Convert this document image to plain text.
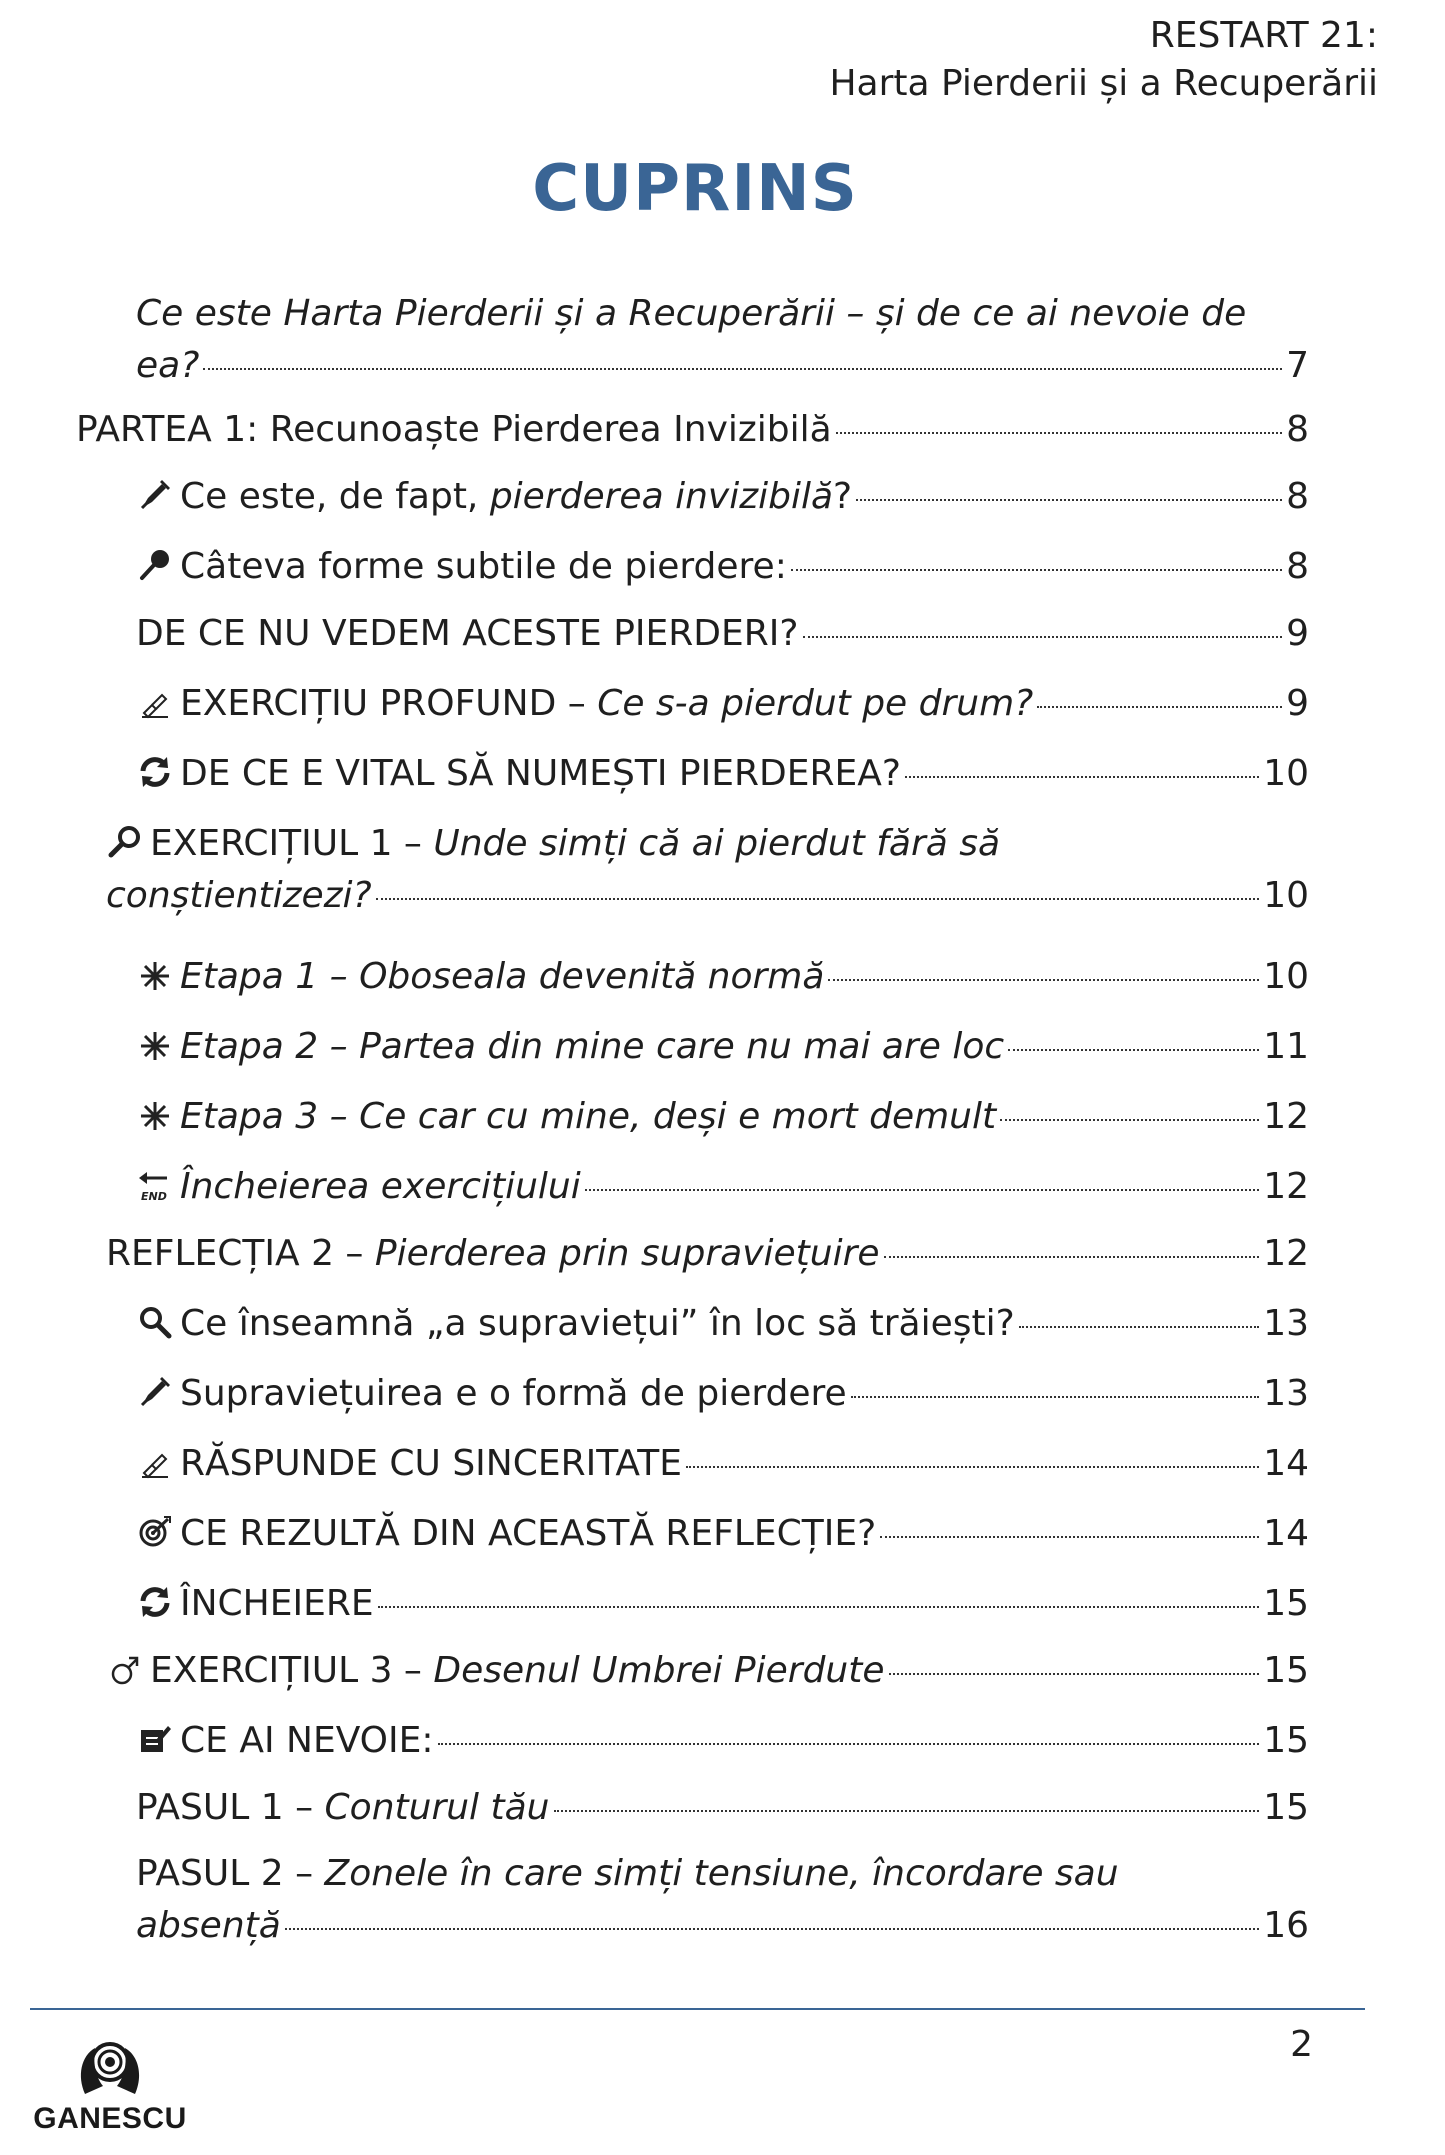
RESTART 21:
Harta Pierderii și a Recuperării
CUPRINS
Ce este Harta Pierderii și a Recuperării – și de ce ai nevoie de
ea?	7
PARTEA 1: Recunoaște Pierderea Invizibilă	8
Ce este, de fapt, pierderea invizibilă?	8
Câteva forme subtile de pierdere:	8
DE CE NU VEDEM ACESTE PIERDERI?	9
EXERCIȚIU PROFUND – Ce s-a pierdut pe drum?	9
DE CE E VITAL SĂ NUMEȘTI PIERDEREA?	10
EXERCIȚIUL 1 – Unde simți că ai pierdut fără să
conștientizezi?	10
Etapa 1 – Oboseala devenită normă	10
Etapa 2 – Partea din mine care nu mai are loc	11
Etapa 3 – Ce car cu mine, deși e mort demult	12
END Încheierea exercițiului	12
REFLECȚIA 2 – Pierderea prin supraviețuire	12
Ce înseamnă „a supraviețui” în loc să trăiești?	13
Supraviețuirea e o formă de pierdere	13
RĂSPUNDE CU SINCERITATE	14
CE REZULTĂ DIN ACEASTĂ REFLECȚIE?	14
ÎNCHEIERE	15
EXERCIȚIUL 3 – Desenul Umbrei Pierdute	15
CE AI NEVOIE:	15
PASUL 1 – Conturul tău	15
PASUL 2 – Zonele în care simți tensiune, încordare sau
absență	16
2
GANESCU
